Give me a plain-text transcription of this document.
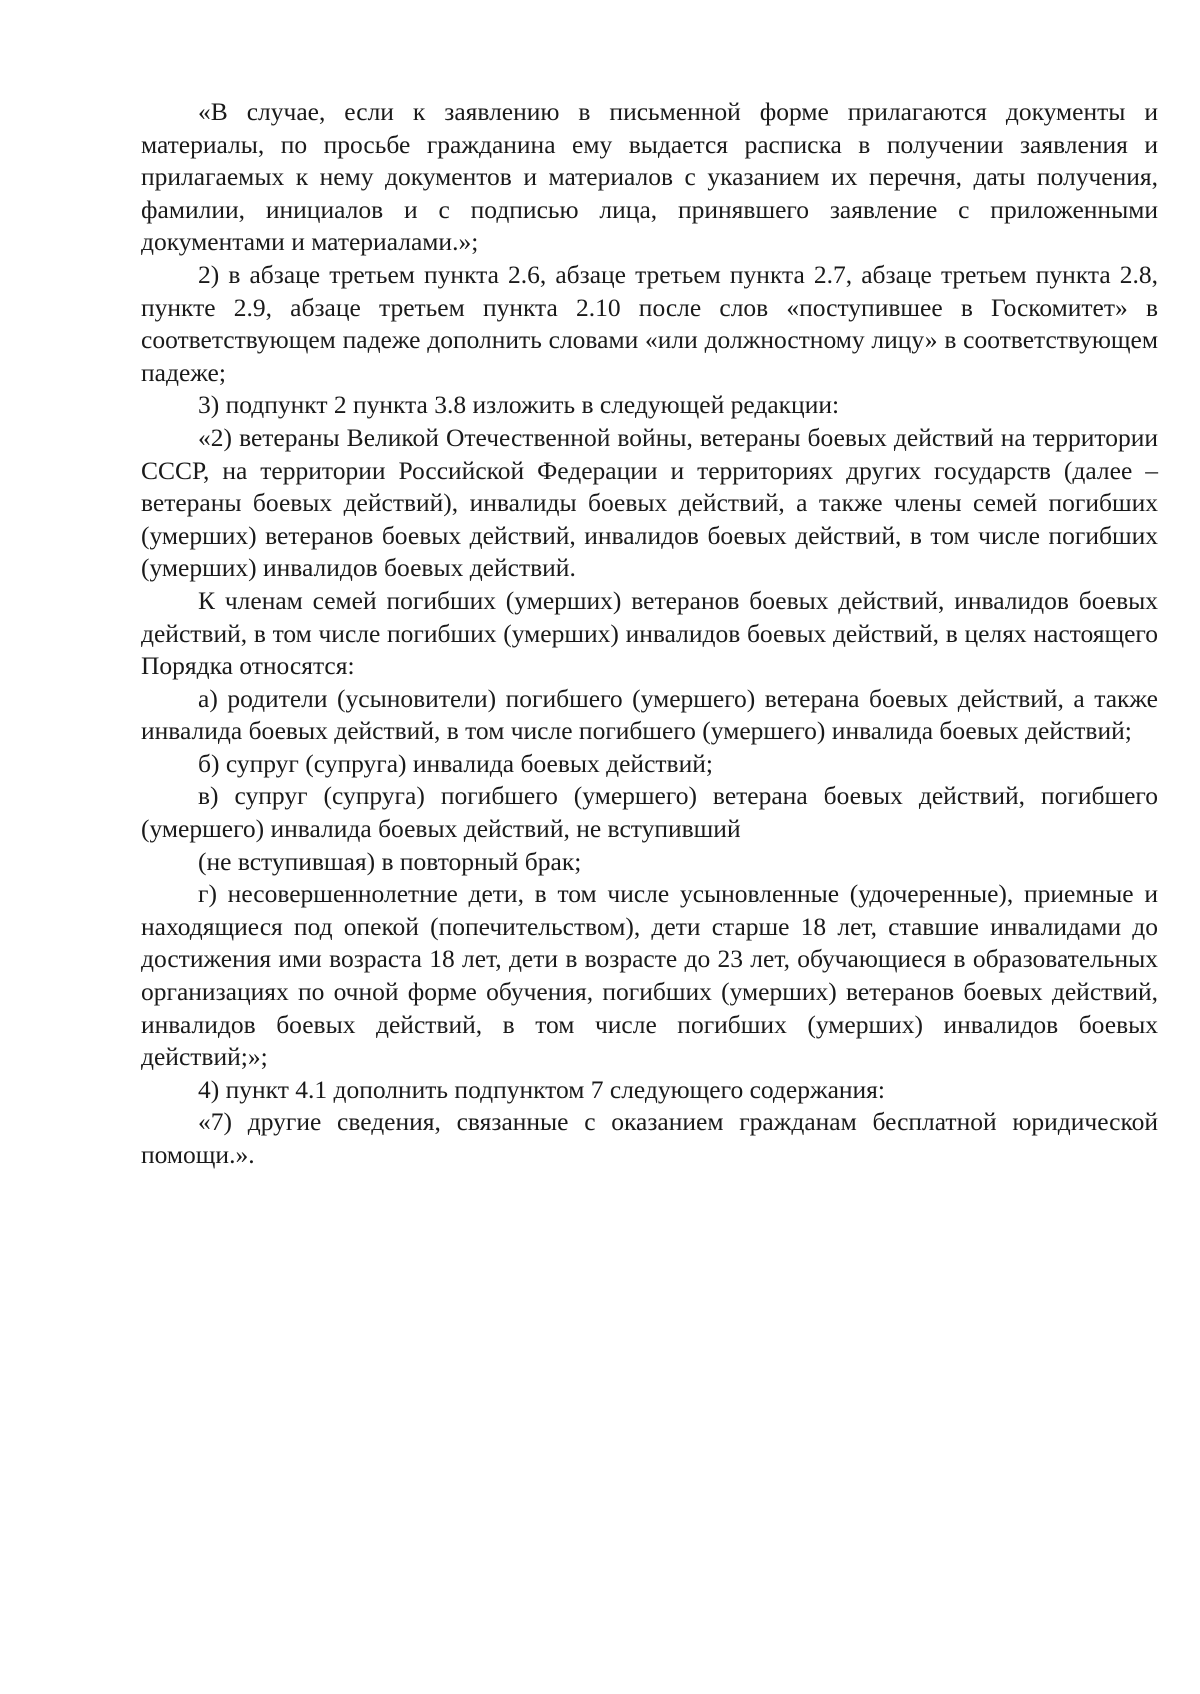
«В случае, если к заявлению в письменной форме прилагаются документы и материалы, по просьбе гражданина ему выдается расписка в получении заявления и прилагаемых к нему документов и материалов с указанием их перечня, даты получения, фамилии, инициалов и с подписью лица, принявшего заявление с приложенными документами и материалами.»;

2) в абзаце третьем пункта 2.6, абзаце третьем пункта 2.7, абзаце третьем пункта 2.8, пункте 2.9, абзаце третьем пункта 2.10 после слов «поступившее в Госкомитет» в соответствующем падеже дополнить словами «или должностному лицу» в соответствующем падеже;

3) подпункт 2 пункта 3.8 изложить в следующей редакции:

«2) ветераны Великой Отечественной войны, ветераны боевых действий на территории СССР, на территории Российской Федерации и территориях других государств (далее – ветераны боевых действий), инвалиды боевых действий, а также члены семей погибших (умерших) ветеранов боевых действий, инвалидов боевых действий, в том числе погибших (умерших) инвалидов боевых действий.

К членам семей погибших (умерших) ветеранов боевых действий, инвалидов боевых действий, в том числе погибших (умерших) инвалидов боевых действий, в целях настоящего Порядка относятся:

а) родители (усыновители) погибшего (умершего) ветерана боевых действий, а также инвалида боевых действий, в том числе погибшего (умершего) инвалида боевых действий;

б) супруг (супруга) инвалида боевых действий;

в) супруг (супруга) погибшего (умершего) ветерана боевых действий, погибшего (умершего) инвалида боевых действий, не вступивший

(не вступившая) в повторный брак;

г) несовершеннолетние дети, в том числе усыновленные (удочеренные), приемные и находящиеся под опекой (попечительством), дети старше 18 лет, ставшие инвалидами до достижения ими возраста 18 лет, дети в возрасте до 23 лет, обучающиеся в образовательных организациях по очной форме обучения, погибших (умерших) ветеранов боевых действий, инвалидов боевых действий, в том числе погибших (умерших) инвалидов боевых действий;»;

4) пункт 4.1 дополнить подпунктом 7 следующего содержания:

«7) другие сведения, связанные с оказанием гражданам бесплатной юридической помощи.».
